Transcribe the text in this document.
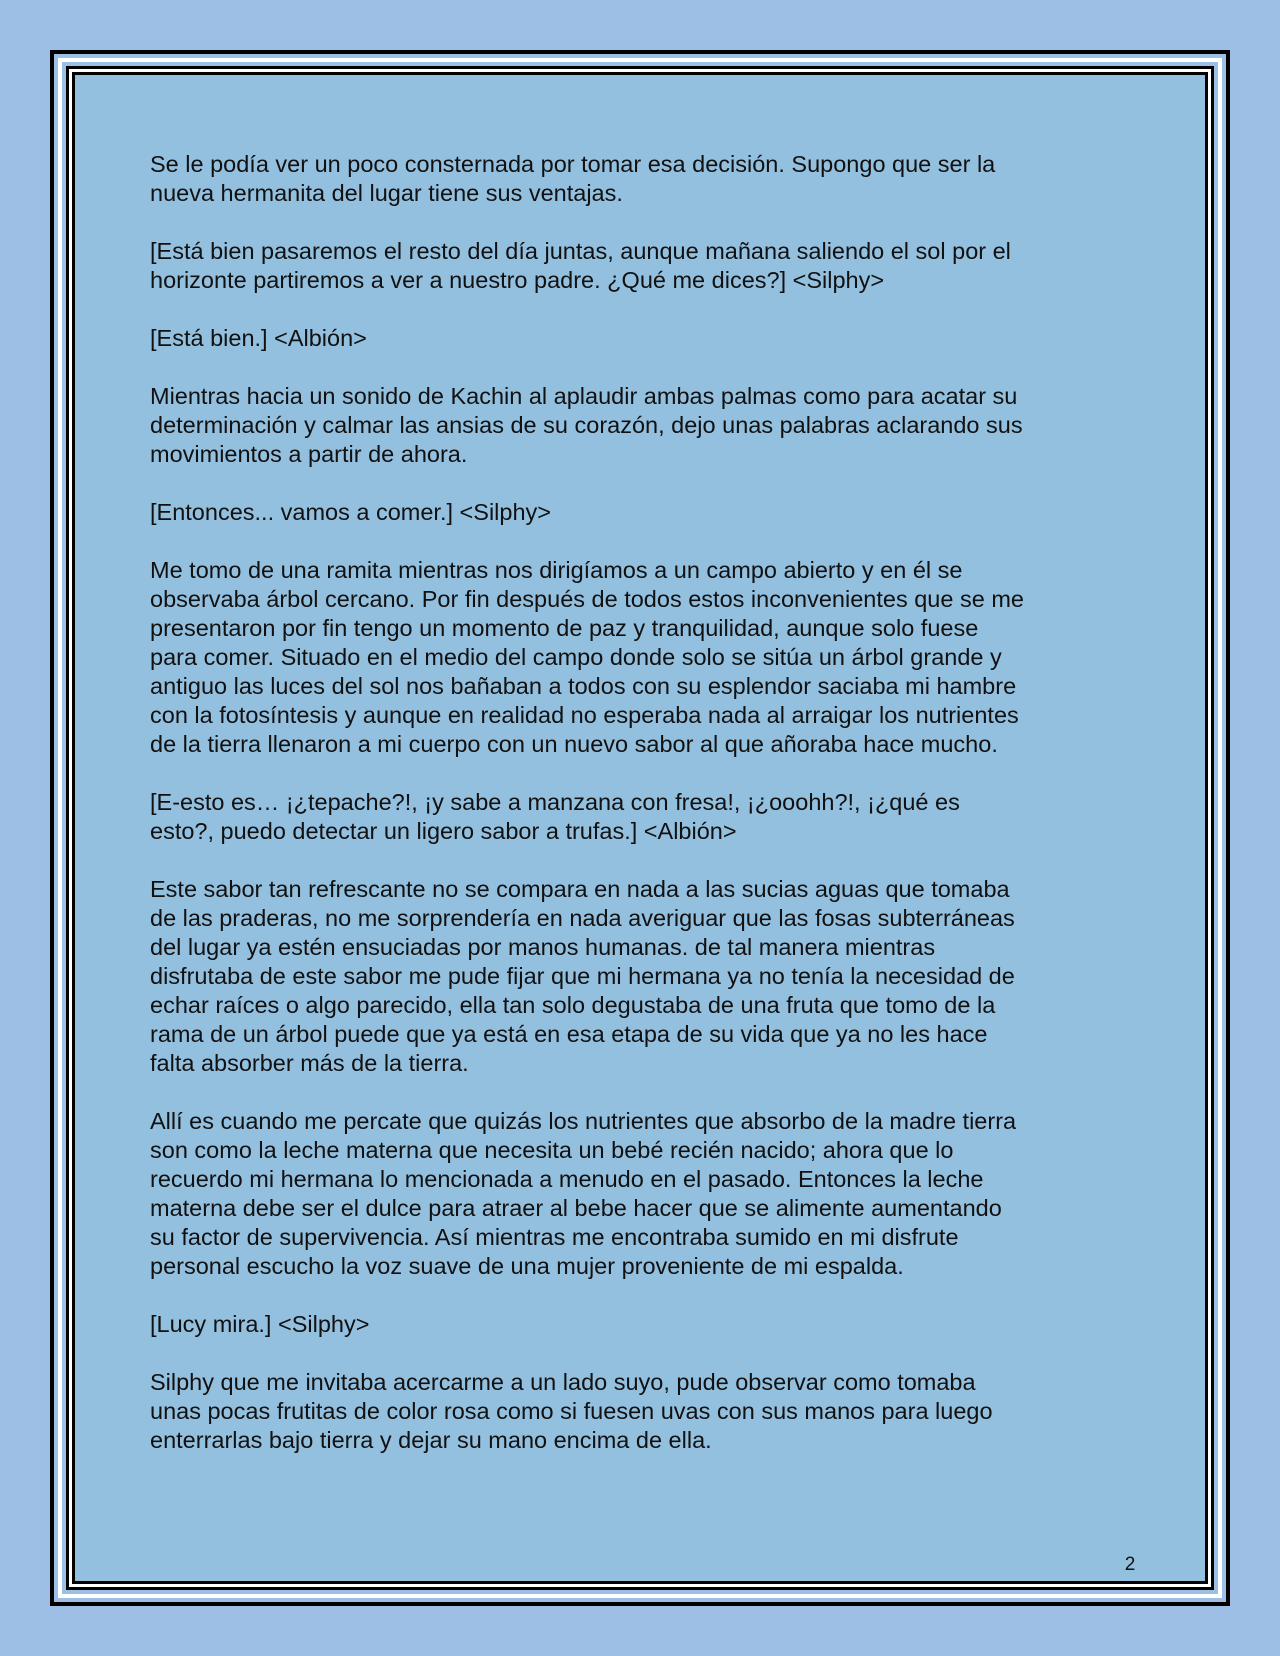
Se le podía ver un poco consternada por tomar esa decisión. Supongo que ser la
nueva hermanita del lugar tiene sus ventajas.

[Está bien pasaremos el resto del día juntas, aunque mañana saliendo el sol por el
horizonte partiremos a ver a nuestro padre. ¿Qué me dices?] <Silphy>

[Está bien.] <Albión>

Mientras hacia un sonido de Kachin al aplaudir ambas palmas como para acatar su
determinación y calmar las ansias de su corazón, dejo unas palabras aclarando sus
movimientos a partir de ahora.

[Entonces... vamos a comer.] <Silphy>

Me tomo de una ramita mientras nos dirigíamos a un campo abierto y en él se
observaba árbol cercano. Por fin después de todos estos inconvenientes que se me
presentaron por fin tengo un momento de paz y tranquilidad, aunque solo fuese
para comer. Situado en el medio del campo donde solo se sitúa un árbol grande y
antiguo las luces del sol nos bañaban a todos con su esplendor saciaba mi hambre
con la fotosíntesis y aunque en realidad no esperaba nada al arraigar los nutrientes
de la tierra llenaron a mi cuerpo con un nuevo sabor al que añoraba hace mucho.

[E-esto es… ¡¿tepache?!, ¡y sabe a manzana con fresa!, ¡¿ooohh?!, ¡¿qué es
esto?, puedo detectar un ligero sabor a trufas.] <Albión>

Este sabor tan refrescante no se compara en nada a las sucias aguas que tomaba
de las praderas, no me sorprendería en nada averiguar que las fosas subterráneas
del lugar ya estén ensuciadas por manos humanas. de tal manera mientras
disfrutaba de este sabor me pude fijar que mi hermana ya no tenía la necesidad de
echar raíces o algo parecido, ella tan solo degustaba de una fruta que tomo de la
rama de un árbol puede que ya está en esa etapa de su vida que ya no les hace
falta absorber más de la tierra.

Allí es cuando me percate que quizás los nutrientes que absorbo de la madre tierra
son como la leche materna que necesita un bebé recién nacido; ahora que lo
recuerdo mi hermana lo mencionada a menudo en el pasado. Entonces la leche
materna debe ser el dulce para atraer al bebe hacer que se alimente aumentando
su factor de supervivencia. Así mientras me encontraba sumido en mi disfrute
personal escucho la voz suave de una mujer proveniente de mi espalda.

[Lucy mira.] <Silphy>

Silphy que me invitaba acercarme a un lado suyo, pude observar como tomaba
unas pocas frutitas de color rosa como si fuesen uvas con sus manos para luego
enterrarlas bajo tierra y dejar su mano encima de ella.

2
